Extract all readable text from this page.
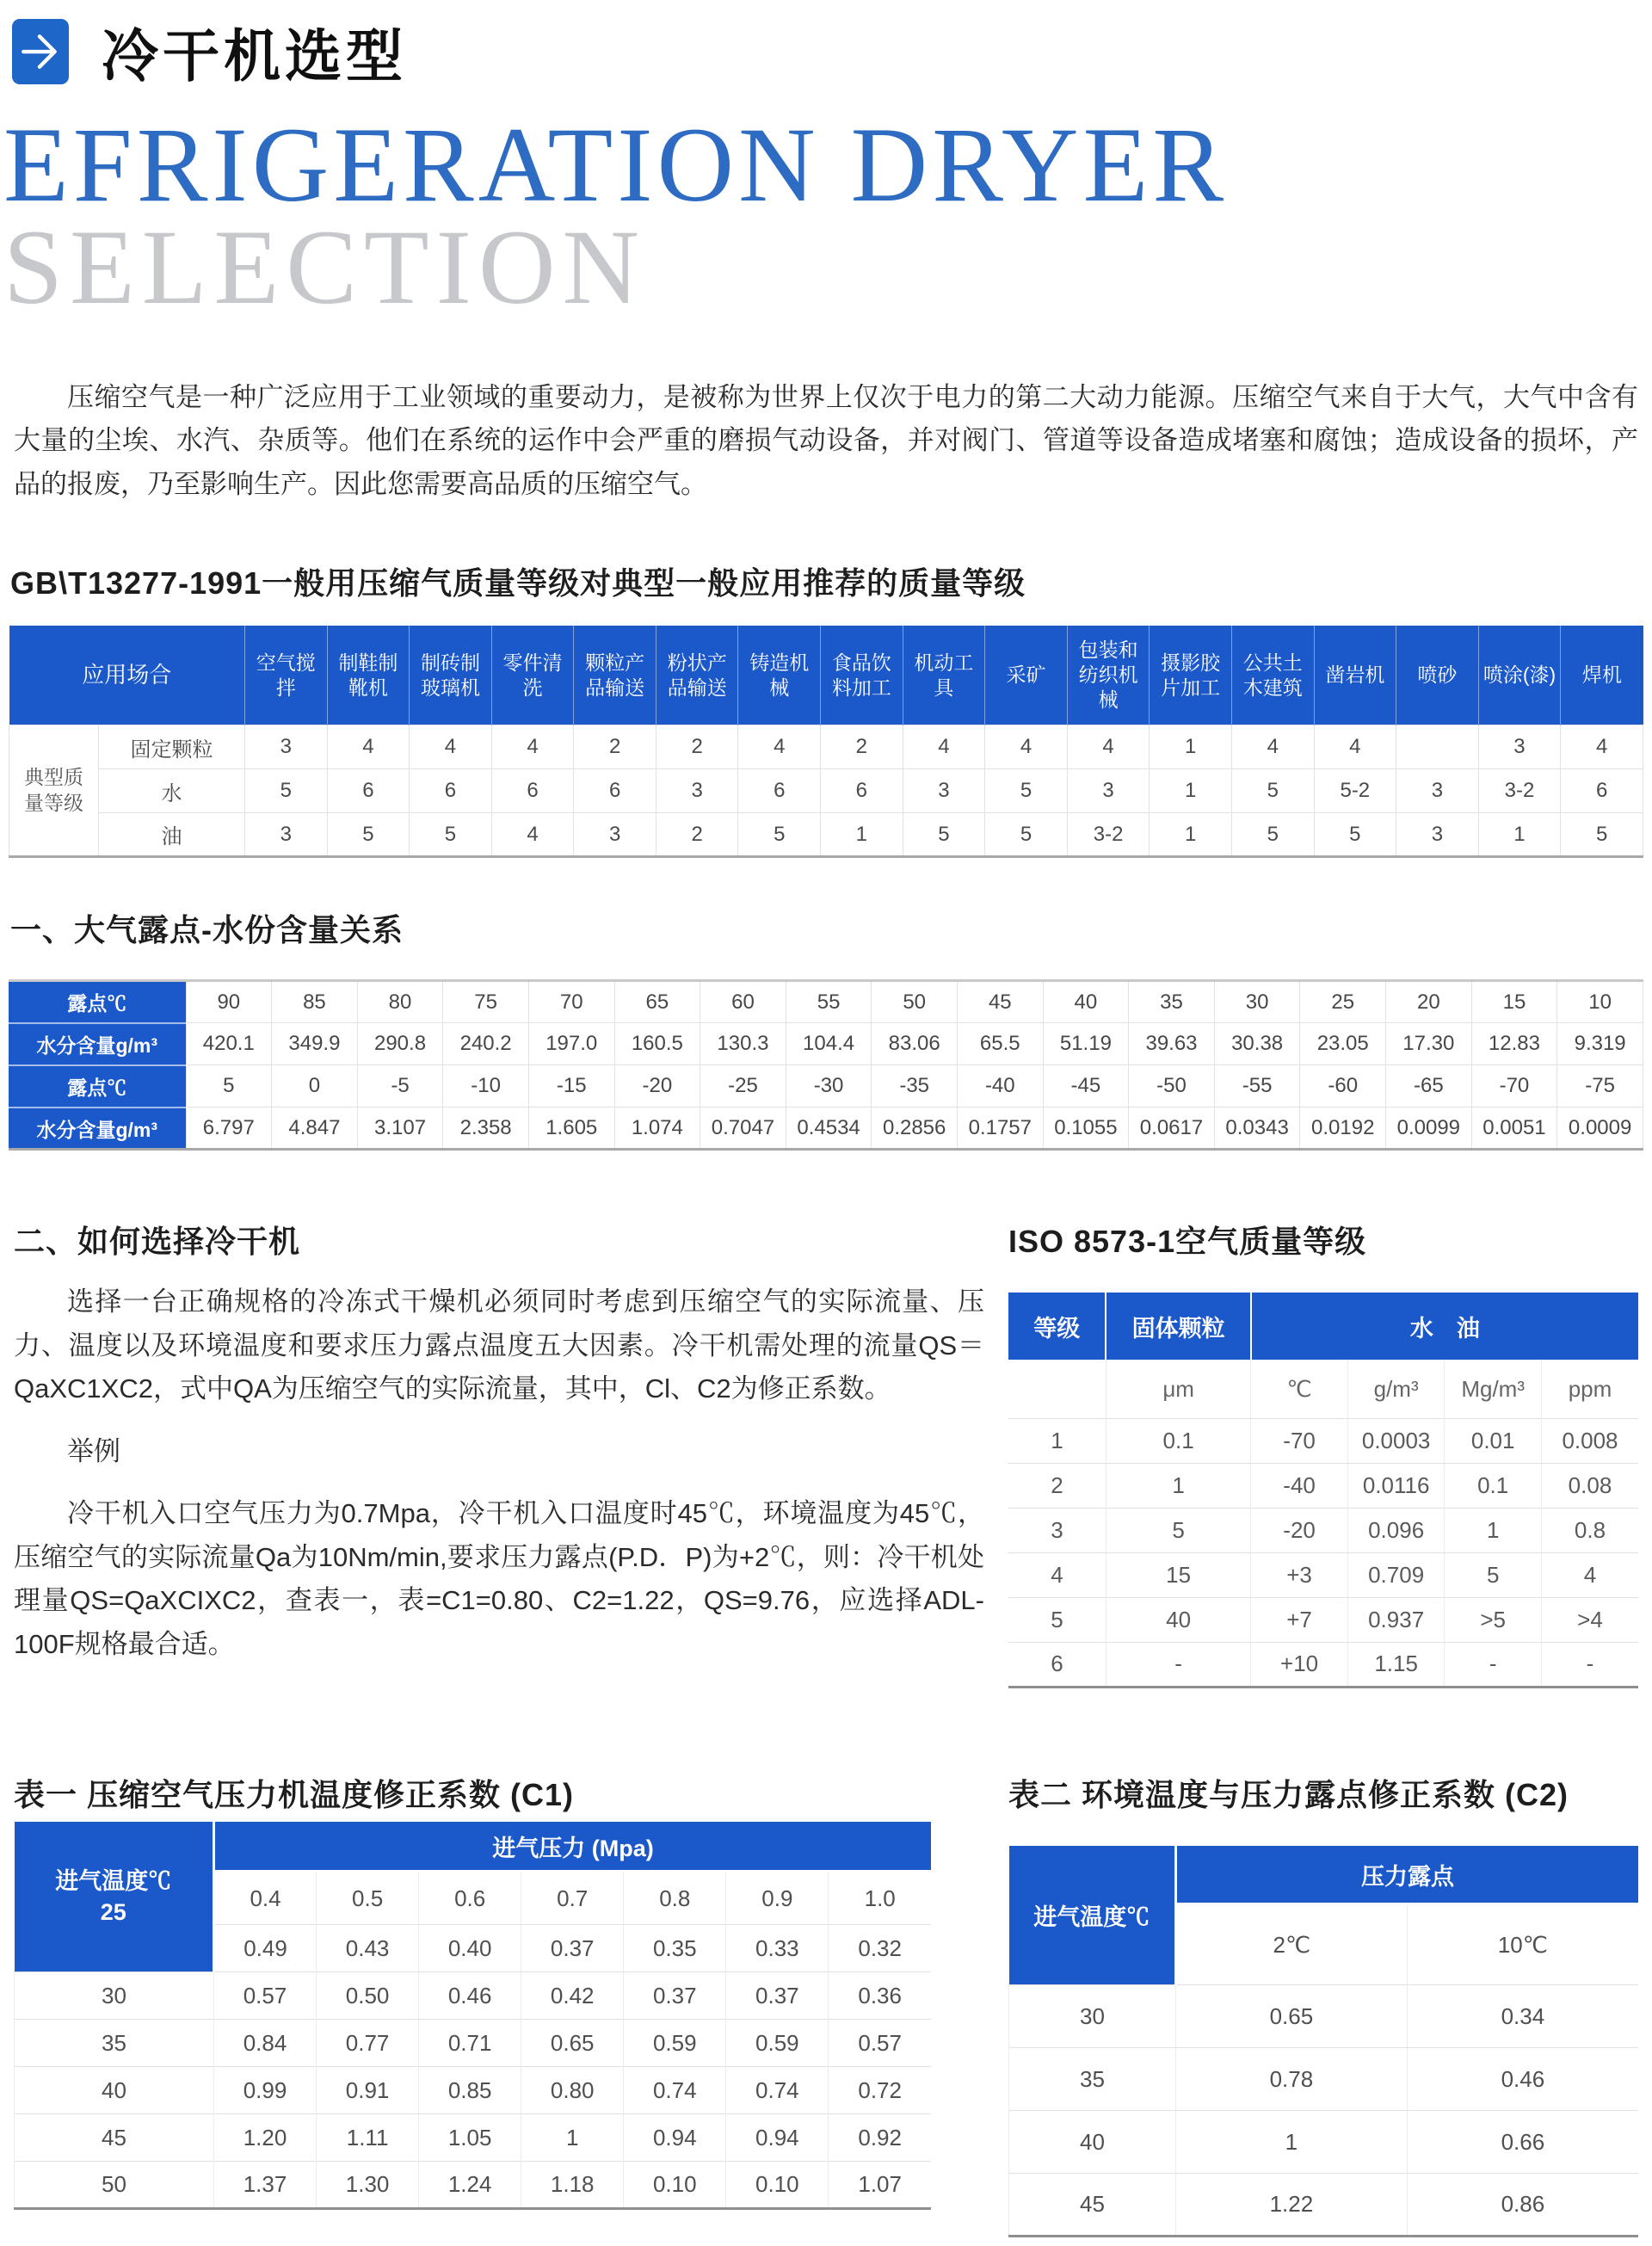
冷干机选型
EFRIGERATION DRYER
SELECTION

压缩空气是一种广泛应用于工业领域的重要动力，是被称为世界上仅次于电力的第二大动力能源。压缩空气来自于大气，大气中含有大量的尘埃、水汽、杂质等。他们在系统的运作中会严重的磨损气动设备，并对阀门、管道等设备造成堵塞和腐蚀；造成设备的损坏，产品的报废，乃至影响生产。因此您需要高品质的压缩空气。

GB\T13277-1991一般用压缩气质量等级对典型一般应用推荐的质量等级
应用场合		空气搅拌	制鞋制靴机	制砖制玻璃机	零件清洗	颗粒产品输送	粉状产品输送	铸造机械	食品饮料加工	机动工具	采矿	包装和纺织机械	摄影胶片加工	公共土木建筑	凿岩机	喷砂	喷涂(漆)	焊机
典型质量等级	固定颗粒	3	4	4	4	2	2	4	2	4	4	4	1	4	4		3	4
	水	5	6	6	6	6	3	6	6	3	5	3	1	5	5-2	3	3-2	6
	油	3	5	5	4	3	2	5	1	5	5	3-2	1	5	5	3	1	5
一、大气露点-水份含量关系
露点℃	90	85	80	75	70	65	60	55	50	45	40	35	30	25	20	15	10
水分含量g/m³	420.1	349.9	290.8	240.2	197.0	160.5	130.3	104.4	83.06	65.5	51.19	39.63	30.38	23.05	17.30	12.83	9.319
露点℃	5	0	-5	-10	-15	-20	-25	-30	-35	-40	-45	-50	-55	-60	-65	-70	-75
水分含量g/m³	6.797	4.847	3.107	2.358	1.605	1.074	0.7047	0.4534	0.2856	0.1757	0.1055	0.0617	0.0343	0.0192	0.0099	0.0051	0.0009
二、如何选择冷干机

选择一台正确规格的冷冻式干燥机必须同时考虑到压缩空气的实际流量、压力、温度以及环境温度和要求压力露点温度五大因素。冷干机需处理的流量QS＝QaXC1XC2，式中QA为压缩空气的实际流量，其中，Cl、C2为修正系数。

举例

冷干机入口空气压力为0.7Mpa，冷干机入口温度时45℃，环境温度为45℃，压缩空气的实际流量Qa为10Nm/min,要求压力露点(P.D．P)为+2℃，则：冷干机处理量QS=QaXCIXC2，查表一，表=C1=0.80、C2=1.22，QS=9.76，应选择ADL-100F规格最合适。

ISO 8573-1空气质量等级
等级	固体颗粒	水　油			
	μm	℃	g/m³	Mg/m³	ppm
1	0.1	-70	0.0003	0.01	0.008
2	1	-40	0.0116	0.1	0.08
3	5	-20	0.096	1	0.8
4	15	+3	0.709	5	4
5	40	+7	0.937	>5	>4
6	-	+10	1.15	-	-
表一 压缩空气压力机温度修正系数 (C1)
进气温度℃
25	进气压力 (Mpa)						
	0.4	0.5	0.6	0.7	0.8	0.9	1.0
	0.49	0.43	0.40	0.37	0.35	0.33	0.32
30	0.57	0.50	0.46	0.42	0.37	0.37	0.36
35	0.84	0.77	0.71	0.65	0.59	0.59	0.57
40	0.99	0.91	0.85	0.80	0.74	0.74	0.72
45	1.20	1.11	1.05	1	0.94	0.94	0.92
50	1.37	1.30	1.24	1.18	0.10	0.10	1.07
表二 环境温度与压力露点修正系数 (C2)
进气温度℃	压力露点	
	2℃	10℃
30	0.65	0.34
35	0.78	0.46
40	1	0.66
45	1.22	0.86
